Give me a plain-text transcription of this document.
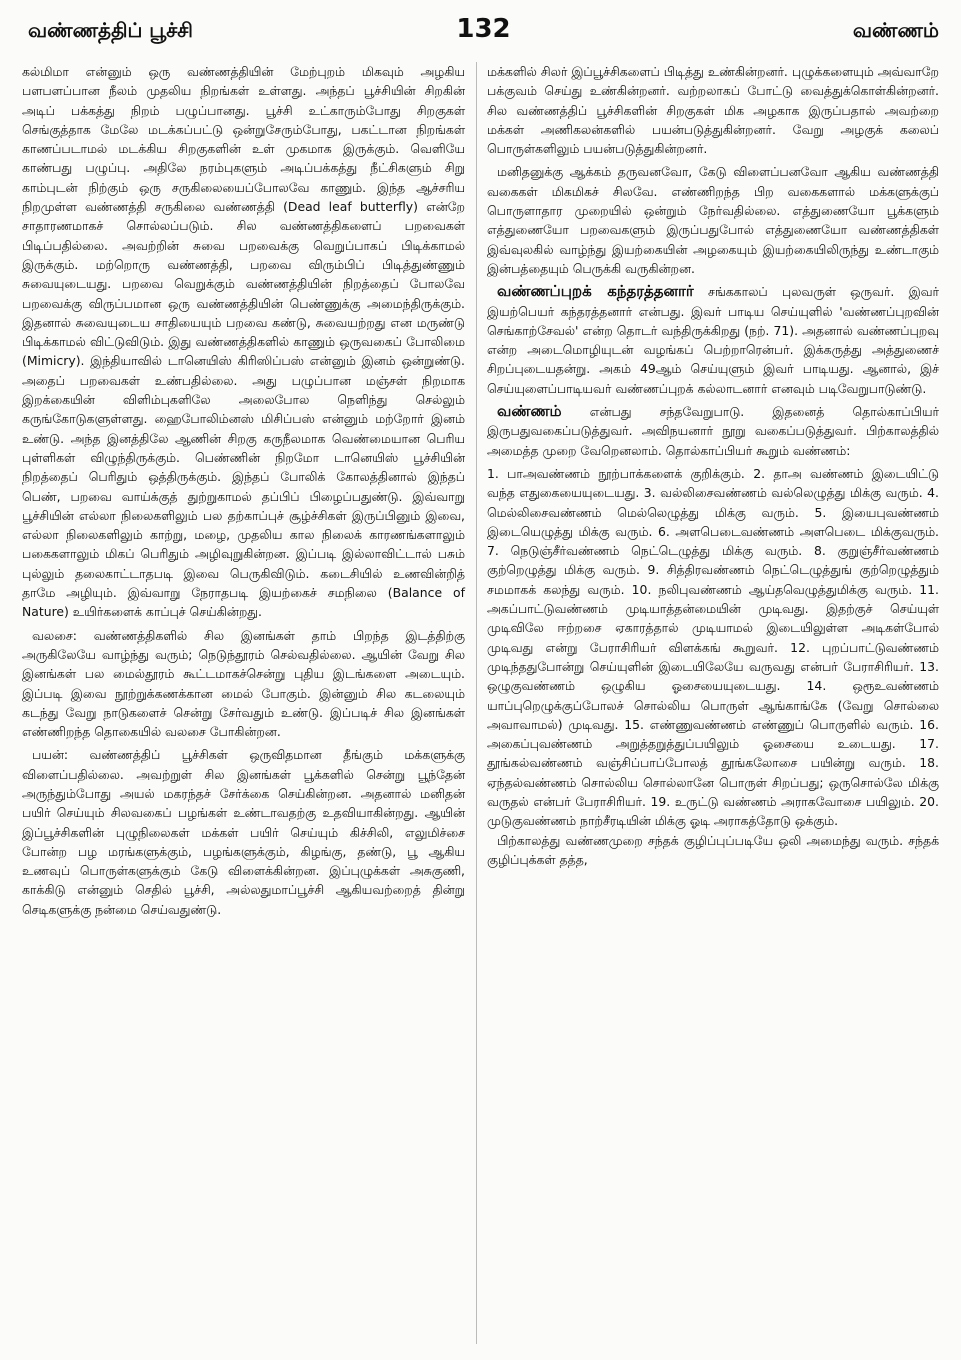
வண்ணத்திப் பூச்சி	132	வண்ணம்

கல்மிமா என்னும் ஒரு வண்ணத்தியின் மேற்புறம் மிகவும் அழகிய பளபளப்பான நீலம் முதலிய நிறங்கள் உள்ளது. அந்தப் பூச்சியின் சிறகின் அடிப் பக்கத்து நிறம் பழுப்பானது. பூச்சி உட்காரும்போது சிறகுகள் செங்குத்தாக மேலே மடக்கப்பட்டு ஒன்றுசேரும்போது, பகட்டான நிறங்கள் காணப்படாமல் மடக்கிய சிறகுகளின் உள் முகமாக இருக்கும். வெளியே காண்பது பழுப்பு. அதிலே நரம்புகளும் அடிப்பக்கத்து நீட்சிகளும் சிறு காம்புடன் நிற்கும் ஒரு சருகிலையைப்போலவே காணும். இந்த ஆச்சரிய நிறமுள்ள வண்ணத்தி சருகிலை வண்ணத்தி (Dead leaf butterfly) என்றே சாதாரணமாகச் சொல்லப்படும். சில வண்ணத்திகளைப் பறவைகள் பிடிப்பதில்லை. அவற்றின் சுவை பறவைக்கு வெறுப்பாகப் பிடிக்காமல் இருக்கும். மற்றொரு வண்ணத்தி, பறவை விரும்பிப் பிடித்துண்ணும் சுவையுடையது. பறவை வெறுக்கும் வண்ணத்தியின் நிறத்தைப் போலவே பறவைக்கு விருப்பமான ஒரு வண்ணத்தியின் பெண்ணுக்கு அமைந்திருக்கும். இதனால் சுவையுடைய சாதியையும் பறவை கண்டு, சுவையற்றது என மருண்டு பிடிக்காமல் விட்டுவிடும். இது வண்ணத்திகளில் காணும் ஒருவகைப் போலிமை (Mimicry). இந்தியாவில் டானெயிஸ் கிரிஸிப்பஸ் என்னும் இனம் ஒன்றுண்டு. அதைப் பறவைகள் உண்பதில்லை. அது பழுப்பான மஞ்சள் நிறமாக இறக்கையின் விளிம்புகளிலே அலைபோல நெளிந்து செல்லும் கருங்கோடுகளுள்ளது. ஹைபோலிம்னஸ் மிசிப்பஸ் என்னும் மற்றோர் இனம் உண்டு. அந்த இனத்திலே ஆணின் சிறகு கருநீலமாக வெண்மையான பெரிய புள்ளிகள் விழுந்திருக்கும். பெண்ணின் நிறமோ டானெயிஸ் பூச்சியின் நிறத்தைப் பெரிதும் ஒத்திருக்கும். இந்தப் போலிக் கோலத்தினால் இந்தப் பெண், பறவை வாய்க்குத் துற்றுகாமல் தப்பிப் பிழைப்பதுண்டு. இவ்வாறு பூச்சியின் எல்லா நிலைகளிலும் பல தற்காப்புச் சூழ்ச்சிகள் இருப்பினும் இவை, எல்லா நிலைகளிலும் காற்று, மழை, முதலிய கால நிலைக் காரணங்களாலும் பகைகளாலும் மிகப் பெரிதும் அழிவுறுகின்றன. இப்படி இல்லாவிட்டால் பசும் புல்லும் தலைகாட்டாதபடி இவை பெருகிவிடும். கடைசியில் உணவின்றித் தாமே அழியும். இவ்வாறு நேராதபடி இயற்கைச் சமநிலை (Balance of Nature) உயிர்களைக் காப்புச் செய்கின்றது.

வலசை: வண்ணத்திகளில் சில இனங்கள் தாம் பிறந்த இடத்திற்கு அருகிலேயே வாழ்ந்து வரும்; நெடுந்தூரம் செல்வதில்லை. ஆயின் வேறு சில இனங்கள் பல மைல்தூரம் கூட்டமாகச்சென்று புதிய இடங்களை அடையும். இப்படி இவை நூற்றுக்கணக்கான மைல் போகும். இன்னும் சில கடலையும் கடந்து வேறு நாடுகளைச் சென்று சேர்வதும் உண்டு. இப்படிச் சில இனங்கள் எண்ணிறந்த தொகையில் வலசை போகின்றன.

பயன்: வண்ணத்திப் பூச்சிகள் ஒருவிதமான தீங்கும் மக்களுக்கு விளைப்பதில்லை. அவற்றுள் சில இனங்கள் பூக்களில் சென்று பூந்தேன் அருந்தும்போது அயல் மகரந்தச் சேர்க்கை செய்கின்றன. அதனால் மனிதன் பயிர் செய்யும் சிலவகைப் பழங்கள் உண்டாவதற்கு உதவியாகின்றது. ஆயின் இப்பூச்சிகளின் புழுநிலைகள் மக்கள் பயிர் செய்யும் கிச்சிலி, எலுமிச்சை போன்ற பழ மரங்களுக்கும், பழங்களுக்கும், கிழங்கு, தண்டு, பூ ஆகிய உணவுப் பொருள்களுக்கும் கேடு விளைக்கின்றன. இப்புழுக்கள் அசுகுணி, காக்கிடு என்னும் செதில் பூச்சி, அல்லதுமாப்பூச்சி ஆகியவற்றைத் தின்று செடிகளுக்கு நன்மை செய்வதுண்டு.

மக்களில் சிலர் இப்பூச்சிகளைப் பிடித்து உண்கின்றனர். புழுக்களையும் அவ்வாறே பக்குவம் செய்து உண்கின்றனர். வற்றலாகப் போட்டு வைத்துக்கொள்கின்றனர். சில வண்ணத்திப் பூச்சிகளின் சிறகுகள் மிக அழகாக இருப்பதால் அவற்றை மக்கள் அணிகலன்களில் பயன்படுத்துகின்றனர். வேறு அழகுக் கலைப் பொருள்களிலும் பயன்படுத்துகின்றனர்.

மனிதனுக்கு ஆக்கம் தருவனவோ, கேடு விளைப்பனவோ ஆகிய வண்ணத்தி வகைகள் மிகமிகச் சிலவே. எண்ணிறந்த பிற வகைகளால் மக்களுக்குப் பொருளாதார முறையில் ஒன்றும் நேர்வதில்லை. எத்துணையோ பூக்களும் எத்துணையோ பறவைகளும் இருப்பதுபோல் எத்துணையோ வண்ணத்திகள் இவ்வுலகில் வாழ்ந்து இயற்கையின் அழகையும் இயற்கையிலிருந்து உண்டாகும் இன்பத்தையும் பெருக்கி வருகின்றன.

வண்ணப்புறக் கந்தரத்தனார் சங்ககாலப் புலவருள் ஒருவர். இவர் இயற்பெயர் கந்தரத்தனார் என்பது. இவர் பாடிய செய்யுளில் 'வண்ணப்புறவின் செங்காற்சேவல்' என்ற தொடர் வந்திருக்கிறது (நற். 71). அதனால் வண்ணப்புறவு என்ற அடைமொழியுடன் வழங்கப் பெற்றாரென்பர். இக்கருத்து அத்துணைச் சிறப்புடையதன்று. அகம் 49ஆம் செய்யுளும் இவர் பாடியது. ஆனால், இச் செய்யுளைப்பாடியவர் வண்ணப்புறக் கல்லாடனார் எனவும் படிவேறுபாடுண்டு.

வண்ணம் என்பது சந்தவேறுபாடு. இதனைத் தொல்காப்பியர் இருபதுவகைப்படுத்துவர். அவிநயனார் நூறு வகைப்படுத்துவர். பிற்காலத்தில் அமைத்த முறை வேறெனலாம். தொல்காப்பியர் கூறும் வண்ணம்:

1. பாஅவண்ணம் நூற்பாக்களைக் குறிக்கும். 2. தாஅ வண்ணம் இடையிட்டு வந்த எதுகையையுடையது. 3. வல்லிசைவண்ணம் வல்லெழுத்து மிக்கு வரும். 4. மெல்லிசைவண்ணம் மெல்லெழுத்து மிக்கு வரும். 5. இயைபுவண்ணம் இடையெழுத்து மிக்கு வரும். 6. அளபெடைவண்ணம் அளபெடை மிக்குவரும். 7. நெடுஞ்சீர்வண்ணம் நெட்டெழுத்து மிக்கு வரும். 8. குறுஞ்சீர்வண்ணம் குற்றெழுத்து மிக்கு வரும். 9. சித்திரவண்ணம் நெட்டெழுத்துங் குற்றெழுத்தும் சமமாகக் கலந்து வரும். 10. நலிபுவண்ணம் ஆய்தவெழுத்துமிக்கு வரும். 11. அகப்பாட்டுவண்ணம் முடியாத்தன்மையின் முடிவது. இதற்குச் செய்யுள் முடிவிலே ஈற்றசை ஏகாரத்தால் முடியாமல் இடையிலுள்ள அடிகள்போல் முடிவது என்று பேராசிரியர் விளக்கங் கூறுவர். 12. புறப்பாட்டுவண்ணம் முடிந்ததுபோன்று செய்யுளின் இடையிலேயே வருவது என்பர் பேராசிரியர். 13. ஒழுகுவண்ணம் ஒழுகிய ஓசையையுடையது. 14. ஒரூஉவண்ணம் யாப்புறெழுக்குப்போலச் சொல்லிய பொருள் ஆங்காங்கே (வேறு சொல்லை அவாவாமல்) முடிவது. 15. எண்ணுவண்ணம் எண்ணுப் பொருளில் வரும். 16. அகைப்புவண்ணம் அறுத்தறுத்துப்பயிலும் ஓசையை உடையது. 17. தூங்கல்வண்ணம் வஞ்சிப்பாப்போலத் தூங்கலோசை பயின்று வரும். 18. ஏந்தல்வண்ணம் சொல்லிய சொல்லானே பொருள் சிறப்பது; ஒருசொல்லே மிக்கு வருதல் என்பர் பேராசிரியர். 19. உருட்டு வண்ணம் அராகவோசை பயிலும். 20. முடுகுவண்ணம் நாற்சீரடியின் மிக்கு ஓடி அராகத்தோடு ஒக்கும்.

பிற்காலத்து வண்ணமுறை சந்தக் குழிப்புப்படியே ஒலி அமைந்து வரும். சந்தக் குழிப்புக்கள் தத்த,
